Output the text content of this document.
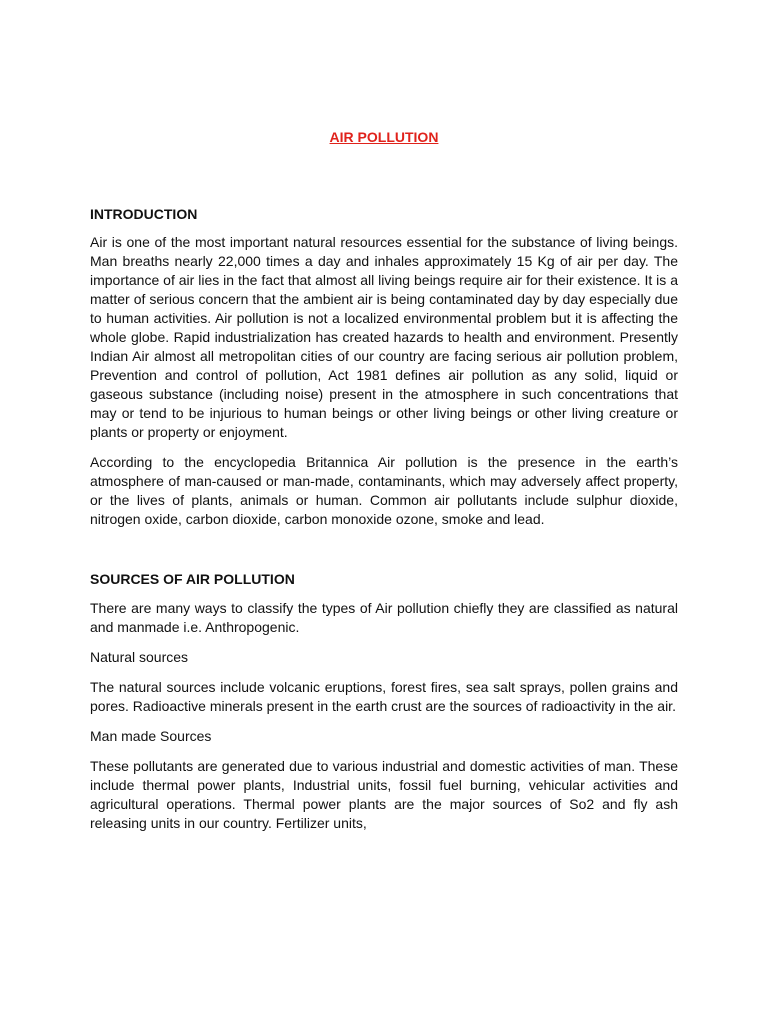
AIR POLLUTION

INTRODUCTION

Air is one of the most important natural resources essential for the substance of living beings. Man breaths nearly 22,000 times a day and inhales approximately 15 Kg of air per day. The importance of air lies in the fact that almost all living beings require air for their existence. It is a matter of serious concern that the ambient air is being contaminated day by day especially due to human activities. Air pollution is not a localized environmental problem but it is affecting the whole globe. Rapid industrialization has created hazards to health and environment. Presently Indian Air almost all metropolitan cities of our country are facing serious air pollution problem, Prevention and control of pollution, Act 1981 defines air pollution as any solid, liquid or gaseous substance (including noise) present in the atmosphere in such concentrations that may or tend to be injurious to human beings or other living beings or other living creature or plants or property or enjoyment.

According to the encyclopedia Britannica Air pollution is the presence in the earth’s atmosphere of man-caused or man-made, contaminants, which may adversely affect property, or the lives of plants, animals or human. Common air pollutants include sulphur dioxide, nitrogen oxide, carbon dioxide, carbon monoxide ozone, smoke and lead.

SOURCES OF AIR POLLUTION

There are many ways to classify the types of Air pollution chiefly they are classified as natural and manmade i.e. Anthropogenic.

Natural sources

The natural sources include volcanic eruptions, forest fires, sea salt sprays, pollen grains and pores. Radioactive minerals present in the earth crust are the sources of radioactivity in the air.

Man made Sources

These pollutants are generated due to various industrial and domestic activities of man. These include thermal power plants, Industrial units, fossil fuel burning, vehicular activities and agricultural operations. Thermal power plants are the major sources of So2 and fly ash releasing units in our country. Fertilizer units,
